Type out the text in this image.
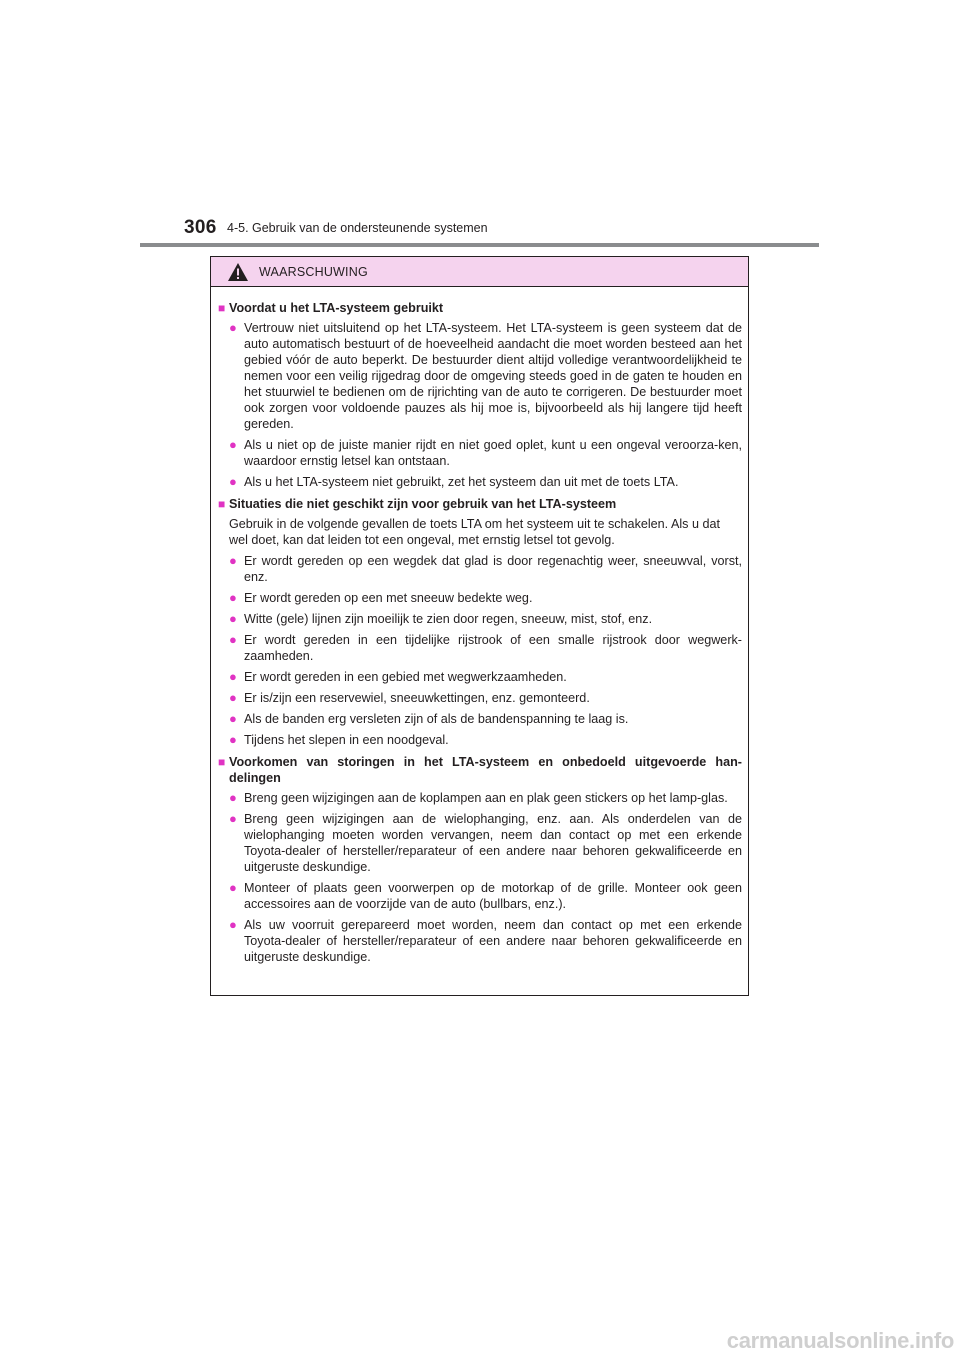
306 4-5. Gebruik van de ondersteunende systemen
WAARSCHUWING
■ Voordat u het LTA-systeem gebruikt
● Vertrouw niet uitsluitend op het LTA-systeem. Het LTA-systeem is geen systeem dat de auto automatisch bestuurt of de hoeveelheid aandacht die moet worden besteed aan het gebied vóór de auto beperkt. De bestuurder dient altijd volledige verantwoordelijkheid te nemen voor een veilig rijgedrag door de omgeving steeds goed in de gaten te houden en het stuurwiel te bedienen om de rijrichting van de auto te corrigeren. De bestuurder moet ook zorgen voor voldoende pauzes als hij moe is, bijvoorbeeld als hij langere tijd heeft gereden.
● Als u niet op de juiste manier rijdt en niet goed oplet, kunt u een ongeval veroorza-ken, waardoor ernstig letsel kan ontstaan.
● Als u het LTA-systeem niet gebruikt, zet het systeem dan uit met de toets LTA.
■ Situaties die niet geschikt zijn voor gebruik van het LTA-systeem
Gebruik in de volgende gevallen de toets LTA om het systeem uit te schakelen. Als u dat wel doet, kan dat leiden tot een ongeval, met ernstig letsel tot gevolg.
● Er wordt gereden op een wegdek dat glad is door regenachtig weer, sneeuwval, vorst, enz.
● Er wordt gereden op een met sneeuw bedekte weg.
● Witte (gele) lijnen zijn moeilijk te zien door regen, sneeuw, mist, stof, enz.
● Er wordt gereden in een tijdelijke rijstrook of een smalle rijstrook door wegwerk-zaamheden.
● Er wordt gereden in een gebied met wegwerkzaamheden.
● Er is/zijn een reservewiel, sneeuwkettingen, enz. gemonteerd.
● Als de banden erg versleten zijn of als de bandenspanning te laag is.
● Tijdens het slepen in een noodgeval.
■ Voorkomen van storingen in het LTA-systeem en onbedoeld uitgevoerde han-delingen
● Breng geen wijzigingen aan de koplampen aan en plak geen stickers op het lamp-glas.
● Breng geen wijzigingen aan de wielophanging, enz. aan. Als onderdelen van de wielophanging moeten worden vervangen, neem dan contact op met een erkende Toyota-dealer of hersteller/reparateur of een andere naar behoren gekwalificeerde en uitgeruste deskundige.
● Monteer of plaats geen voorwerpen op de motorkap of de grille. Monteer ook geen accessoires aan de voorzijde van de auto (bullbars, enz.).
● Als uw voorruit gerepareerd moet worden, neem dan contact op met een erkende Toyota-dealer of hersteller/reparateur of een andere naar behoren gekwalificeerde en uitgeruste deskundige.
carmanualsonline.info
